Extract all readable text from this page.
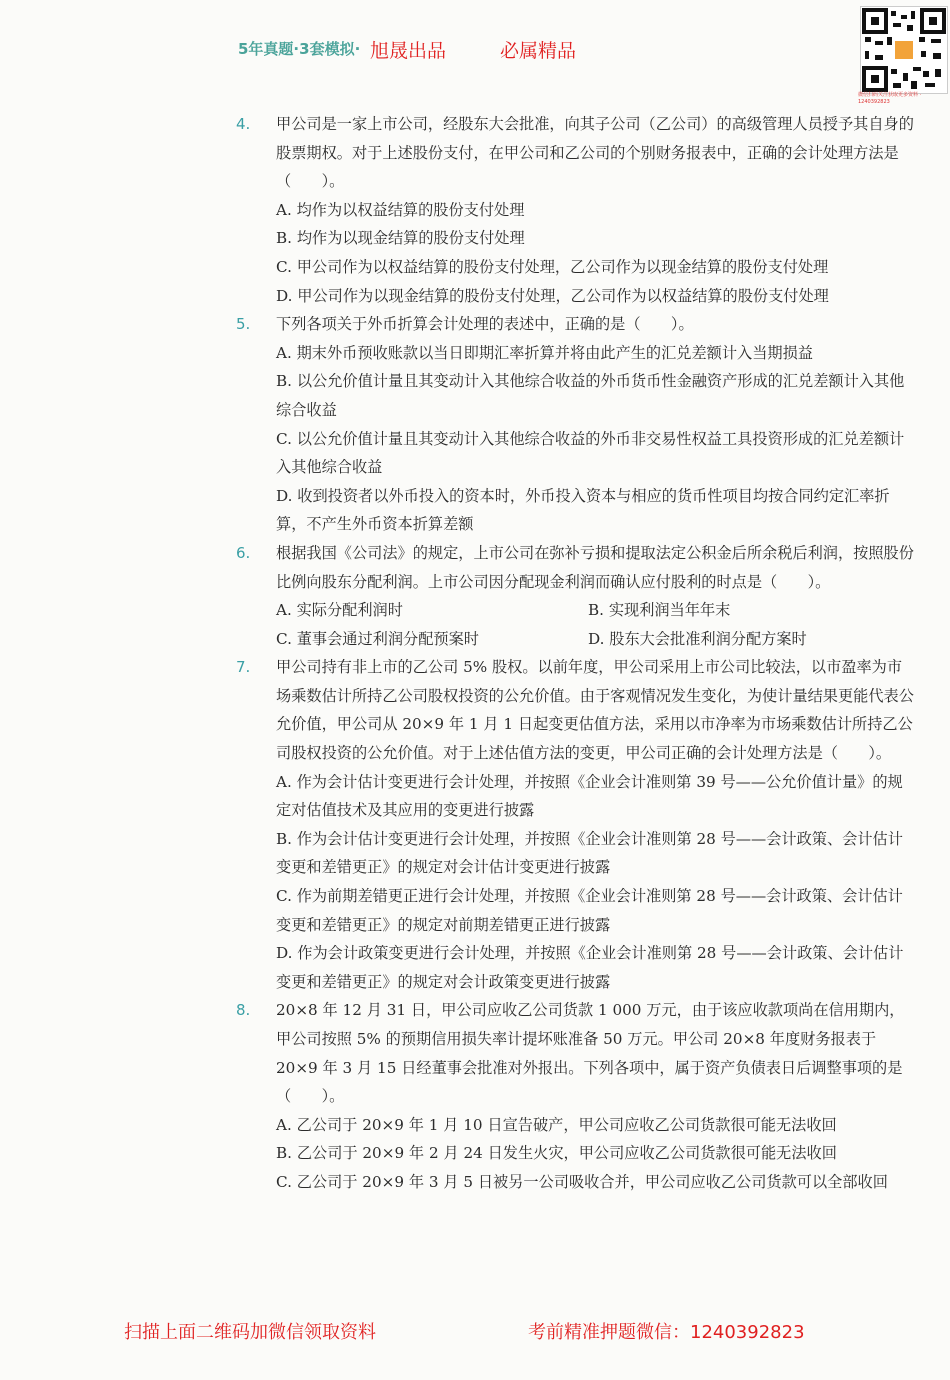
5年真题·3套模拟· 旭晟出品	必属精品
微信扫码关注获取更多资料 · 1240392823
4.	甲公司是一家上市公司，经股东大会批准，向其子公司（乙公司）的高级管理人员授予其自身的股票期权。对于上述股份支付，在甲公司和乙公司的个别财务报表中，正确的会计处理方法是（　　）。
A. 均作为以权益结算的股份支付处理
B. 均作为以现金结算的股份支付处理
C. 甲公司作为以权益结算的股份支付处理，乙公司作为以现金结算的股份支付处理
D. 甲公司作为以现金结算的股份支付处理，乙公司作为以权益结算的股份支付处理
5.	下列各项关于外币折算会计处理的表述中，正确的是（　　）。
A. 期末外币预收账款以当日即期汇率折算并将由此产生的汇兑差额计入当期损益
B. 以公允价值计量且其变动计入其他综合收益的外币货币性金融资产形成的汇兑差额计入其他综合收益
C. 以公允价值计量且其变动计入其他综合收益的外币非交易性权益工具投资形成的汇兑差额计入其他综合收益
D. 收到投资者以外币投入的资本时，外币投入资本与相应的货币性项目均按合同约定汇率折算，不产生外币资本折算差额
6.	根据我国《公司法》的规定，上市公司在弥补亏损和提取法定公积金后所余税后利润，按照股份比例向股东分配利润。上市公司因分配现金利润而确认应付股利的时点是（　　）。
A. 实际分配利润时	B. 实现利润当年年末
C. 董事会通过利润分配预案时	D. 股东大会批准利润分配方案时
7.	甲公司持有非上市的乙公司 5% 股权。以前年度，甲公司采用上市公司比较法，以市盈率为市场乘数估计所持乙公司股权投资的公允价值。由于客观情况发生变化，为使计量结果更能代表公允价值，甲公司从 20×9 年 1 月 1 日起变更估值方法，采用以市净率为市场乘数估计所持乙公司股权投资的公允价值。对于上述估值方法的变更，甲公司正确的会计处理方法是（　　）。
A. 作为会计估计变更进行会计处理，并按照《企业会计准则第 39 号——公允价值计量》的规定对估值技术及其应用的变更进行披露
B. 作为会计估计变更进行会计处理，并按照《企业会计准则第 28 号——会计政策、会计估计变更和差错更正》的规定对会计估计变更进行披露
C. 作为前期差错更正进行会计处理，并按照《企业会计准则第 28 号——会计政策、会计估计变更和差错更正》的规定对前期差错更正进行披露
D. 作为会计政策变更进行会计处理，并按照《企业会计准则第 28 号——会计政策、会计估计变更和差错更正》的规定对会计政策变更进行披露
8.	20×8 年 12 月 31 日，甲公司应收乙公司货款 1 000 万元，由于该应收款项尚在信用期内，甲公司按照 5% 的预期信用损失率计提坏账准备 50 万元。甲公司 20×8 年度财务报表于 20×9 年 3 月 15 日经董事会批准对外报出。下列各项中，属于资产负债表日后调整事项的是（　　）。
A. 乙公司于 20×9 年 1 月 10 日宣告破产，甲公司应收乙公司货款很可能无法收回
B. 乙公司于 20×9 年 2 月 24 日发生火灾，甲公司应收乙公司货款很可能无法收回
C. 乙公司于 20×9 年 3 月 5 日被另一公司吸收合并，甲公司应收乙公司货款可以全部收回
扫描上面二维码加微信领取资料	考前精准押题微信：1240392823
